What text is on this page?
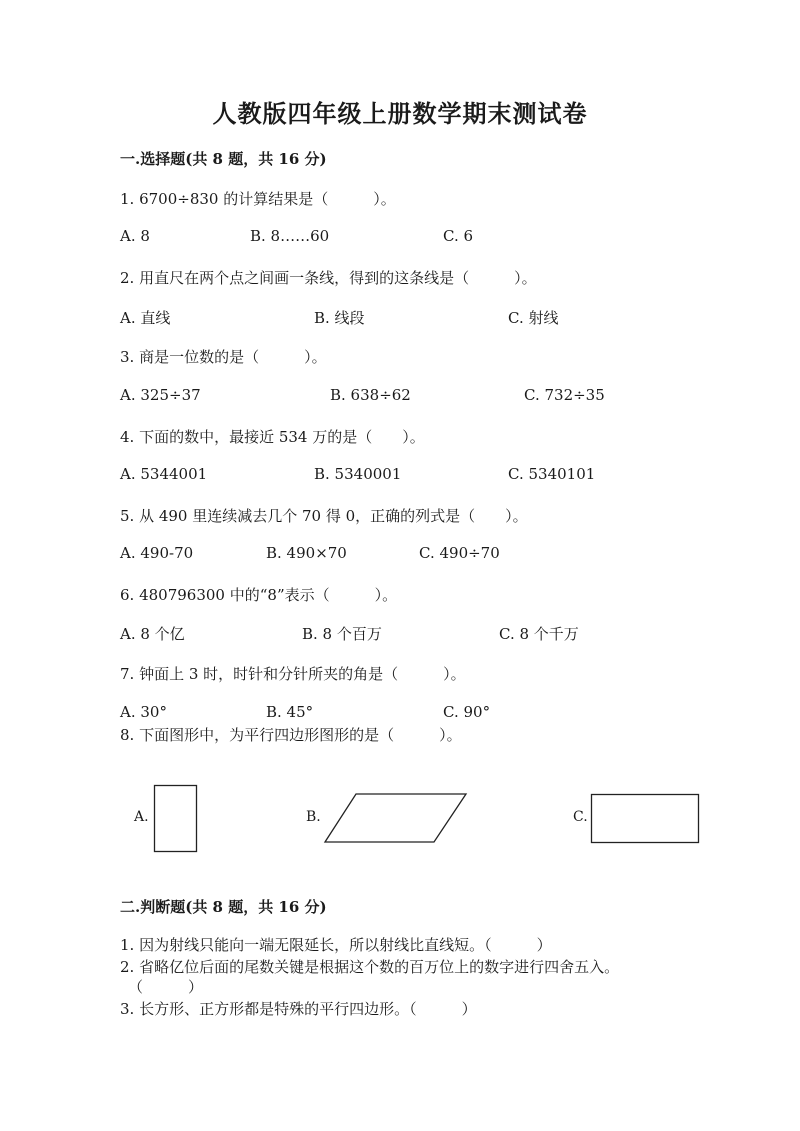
人教版四年级上册数学期末测试卷
一.选择题(共 8 题，共 16 分)
1. 6700÷830 的计算结果是（　　　）。
A. 8	B. 8……60	C. 6
2. 用直尺在两个点之间画一条线，得到的这条线是（　　　）。
A. 直线	B. 线段	C. 射线
3. 商是一位数的是（　　　）。
A. 325÷37	B. 638÷62	C. 732÷35
4. 下面的数中，最接近 534 万的是（　　）。
A. 5344001	B. 5340001	C. 5340101
5. 从 490 里连续减去几个 70 得 0，正确的列式是（　　）。
A. 490-70	B. 490×70	C. 490÷70
6. 480796300 中的“8”表示（　　　）。
A. 8 个亿	B. 8 个百万	C. 8 个千万
7. 钟面上 3 时，时针和分针所夹的角是（　　　）。
A. 30°	B. 45°	C. 90°
8. 下面图形中，为平行四边形图形的是（　　　）。
A.	B.	C.
二.判断题(共 8 题，共 16 分)
1. 因为射线只能向一端无限延长，所以射线比直线短。（　　　）
2. 省略亿位后面的尾数关键是根据这个数的百万位上的数字进行四舍五入。
（　　　）
3. 长方形、正方形都是特殊的平行四边形。（　　　）
